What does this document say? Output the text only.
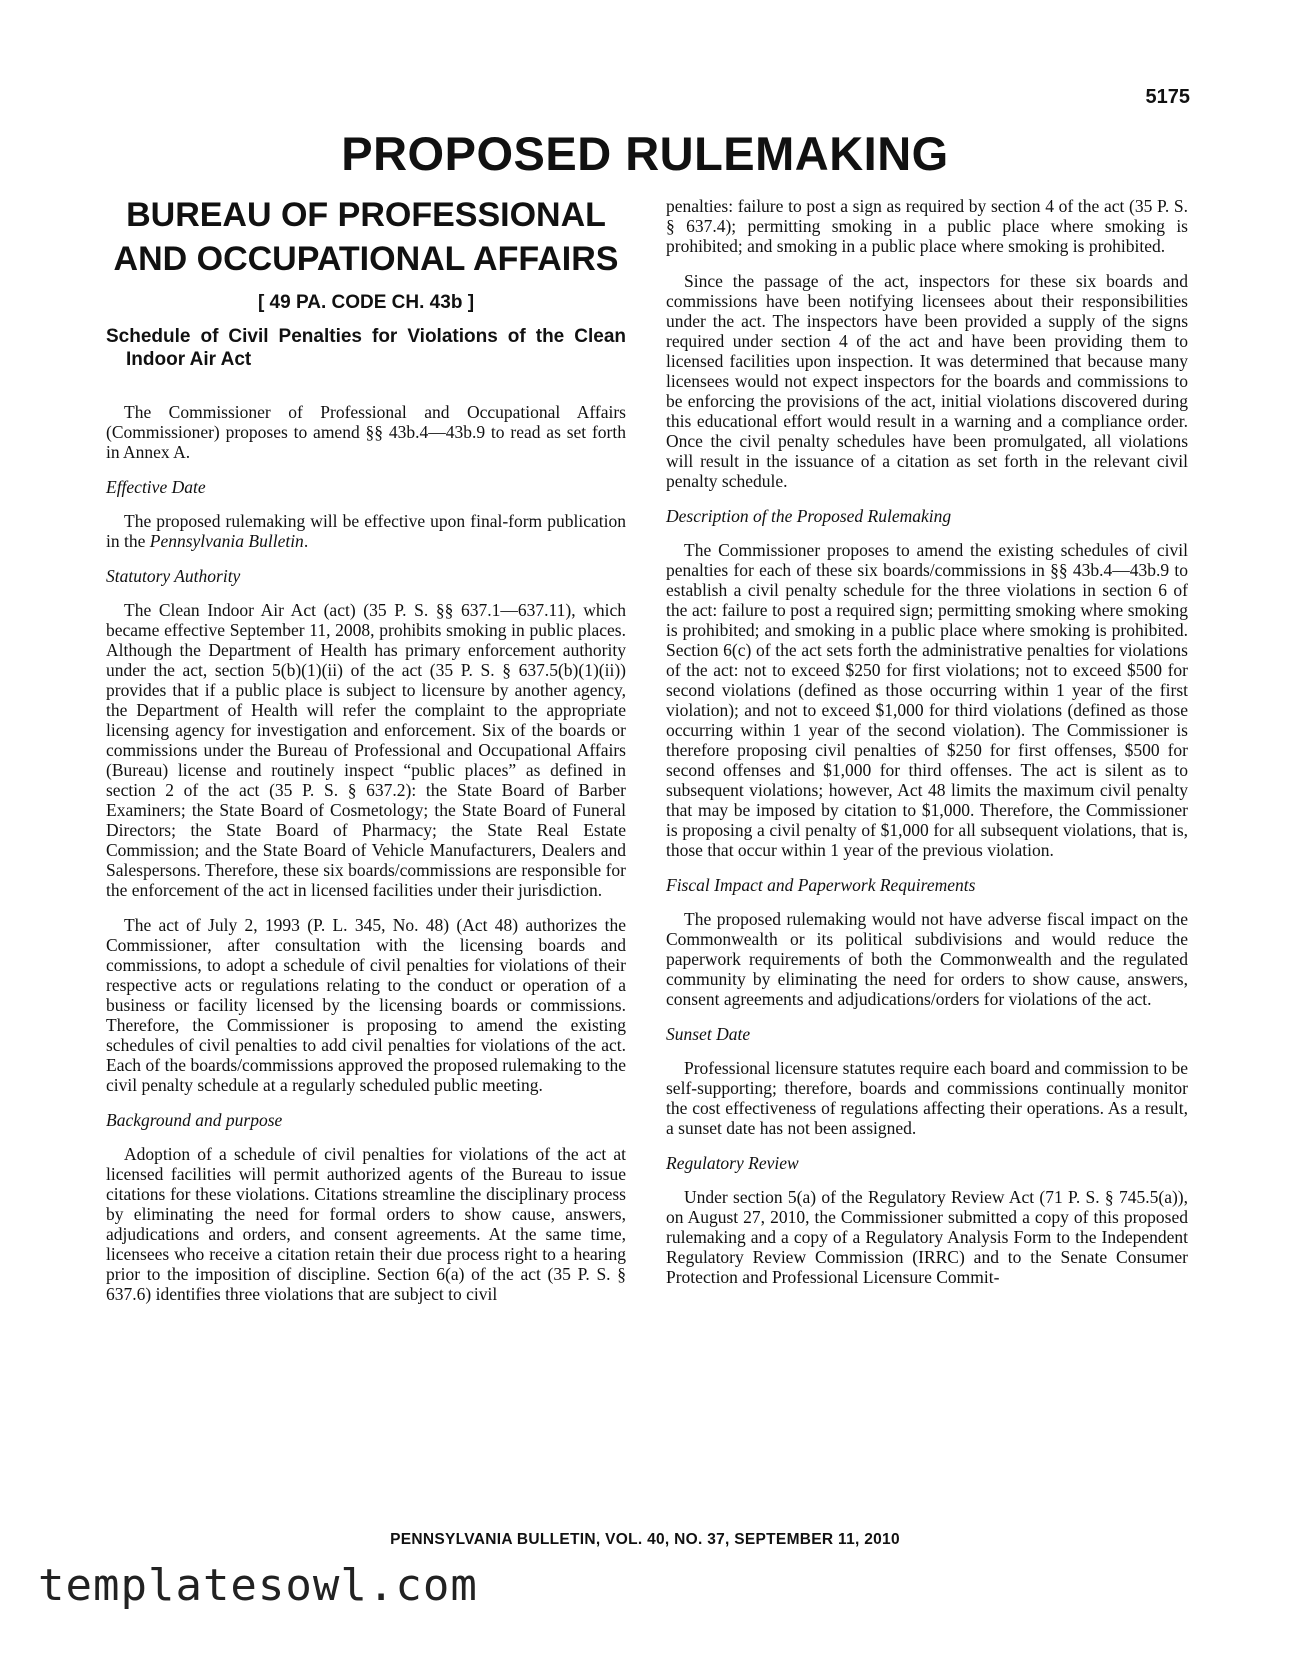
5175
PROPOSED RULEMAKING
BUREAU OF PROFESSIONAL AND OCCUPATIONAL AFFAIRS
[ 49 PA. CODE CH. 43b ]
Schedule of Civil Penalties for Violations of the Clean Indoor Air Act

The Commissioner of Professional and Occupational Affairs (Commissioner) proposes to amend §§ 43b.4—43b.9 to read as set forth in Annex A.

Effective Date

The proposed rulemaking will be effective upon final-form publication in the Pennsylvania Bulletin.

Statutory Authority

The Clean Indoor Air Act (act) (35 P. S. §§ 637.1—637.11), which became effective September 11, 2008, prohibits smoking in public places. Although the Department of Health has primary enforcement authority under the act, section 5(b)(1)(ii) of the act (35 P. S. § 637.5(b)(1)(ii)) provides that if a public place is subject to licensure by another agency, the Department of Health will refer the complaint to the appropriate licensing agency for investigation and enforcement. Six of the boards or commissions under the Bureau of Professional and Occupational Affairs (Bureau) license and routinely inspect “public places” as defined in section 2 of the act (35 P. S. § 637.2): the State Board of Barber Examiners; the State Board of Cosmetology; the State Board of Funeral Directors; the State Board of Pharmacy; the State Real Estate Commission; and the State Board of Vehicle Manufacturers, Dealers and Salespersons. Therefore, these six boards/commissions are responsible for the enforcement of the act in licensed facilities under their jurisdiction.

The act of July 2, 1993 (P. L. 345, No. 48) (Act 48) authorizes the Commissioner, after consultation with the licensing boards and commissions, to adopt a schedule of civil penalties for violations of their respective acts or regulations relating to the conduct or operation of a business or facility licensed by the licensing boards or commissions. Therefore, the Commissioner is proposing to amend the existing schedules of civil penalties to add civil penalties for violations of the act. Each of the boards/commissions approved the proposed rulemaking to the civil penalty schedule at a regularly scheduled public meeting.

Background and purpose

Adoption of a schedule of civil penalties for violations of the act at licensed facilities will permit authorized agents of the Bureau to issue citations for these violations. Citations streamline the disciplinary process by eliminating the need for formal orders to show cause, answers, adjudications and orders, and consent agreements. At the same time, licensees who receive a citation retain their due process right to a hearing prior to the imposition of discipline. Section 6(a) of the act (35 P. S. § 637.6) identifies three violations that are subject to civil

penalties: failure to post a sign as required by section 4 of the act (35 P. S. § 637.4); permitting smoking in a public place where smoking is prohibited; and smoking in a public place where smoking is prohibited.

Since the passage of the act, inspectors for these six boards and commissions have been notifying licensees about their responsibilities under the act. The inspectors have been provided a supply of the signs required under section 4 of the act and have been providing them to licensed facilities upon inspection. It was determined that because many licensees would not expect inspectors for the boards and commissions to be enforcing the provisions of the act, initial violations discovered during this educational effort would result in a warning and a compliance order. Once the civil penalty schedules have been promulgated, all violations will result in the issuance of a citation as set forth in the relevant civil penalty schedule.

Description of the Proposed Rulemaking

The Commissioner proposes to amend the existing schedules of civil penalties for each of these six boards/commissions in §§ 43b.4—43b.9 to establish a civil penalty schedule for the three violations in section 6 of the act: failure to post a required sign; permitting smoking where smoking is prohibited; and smoking in a public place where smoking is prohibited. Section 6(c) of the act sets forth the administrative penalties for violations of the act: not to exceed $250 for first violations; not to exceed $500 for second violations (defined as those occurring within 1 year of the first violation); and not to exceed $1,000 for third violations (defined as those occurring within 1 year of the second violation). The Commissioner is therefore proposing civil penalties of $250 for first offenses, $500 for second offenses and $1,000 for third offenses. The act is silent as to subsequent violations; however, Act 48 limits the maximum civil penalty that may be imposed by citation to $1,000. Therefore, the Commissioner is proposing a civil penalty of $1,000 for all subsequent violations, that is, those that occur within 1 year of the previous violation.

Fiscal Impact and Paperwork Requirements

The proposed rulemaking would not have adverse fiscal impact on the Commonwealth or its political subdivisions and would reduce the paperwork requirements of both the Commonwealth and the regulated community by eliminating the need for orders to show cause, answers, consent agreements and adjudications/orders for violations of the act.

Sunset Date

Professional licensure statutes require each board and commission to be self-supporting; therefore, boards and commissions continually monitor the cost effectiveness of regulations affecting their operations. As a result, a sunset date has not been assigned.

Regulatory Review

Under section 5(a) of the Regulatory Review Act (71 P. S. § 745.5(a)), on August 27, 2010, the Commissioner submitted a copy of this proposed rulemaking and a copy of a Regulatory Analysis Form to the Independent Regulatory Review Commission (IRRC) and to the Senate Consumer Protection and Professional Licensure Commit-

PENNSYLVANIA BULLETIN, VOL. 40, NO. 37, SEPTEMBER 11, 2010
templatesowl.com
